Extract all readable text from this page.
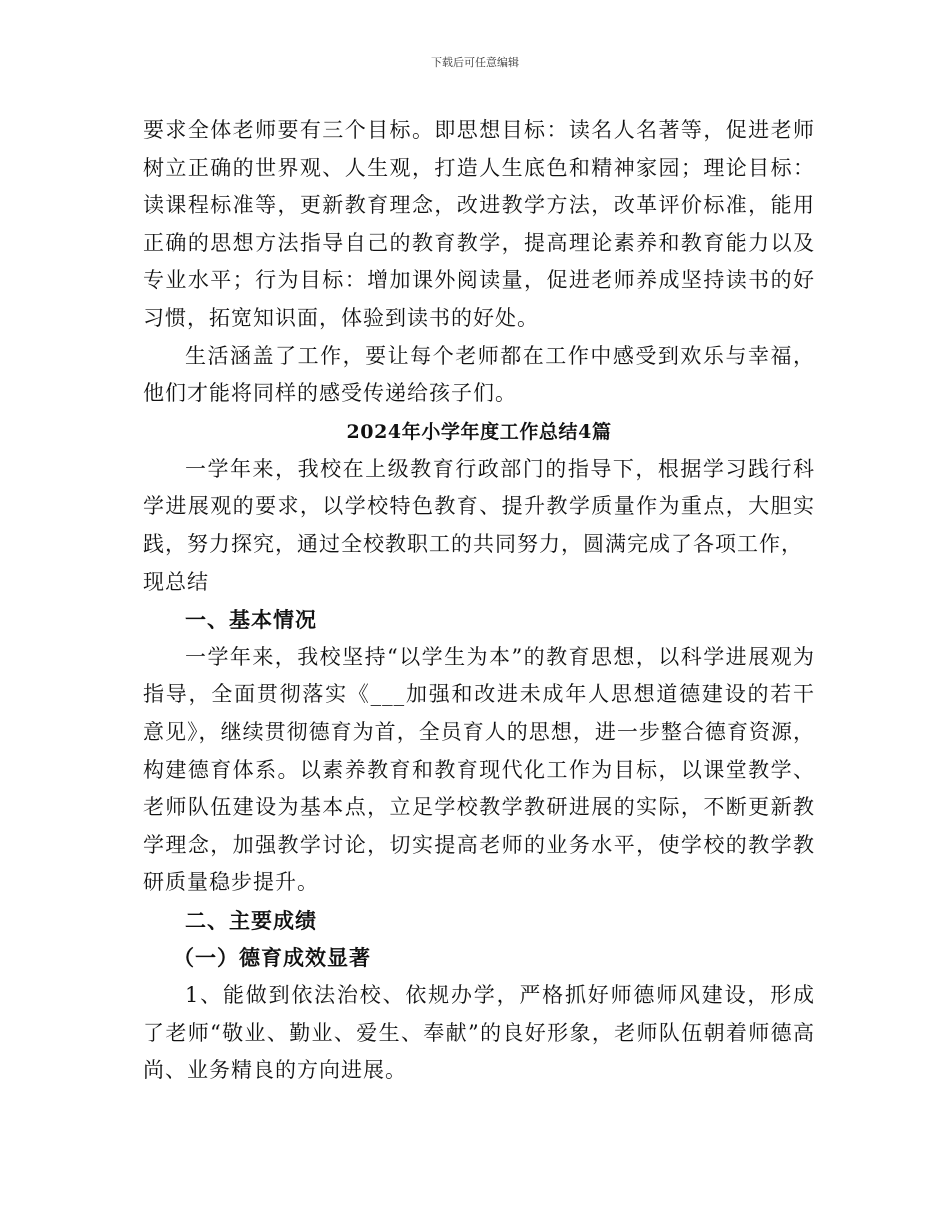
下载后可任意编辑

要求全体老师要有三个目标。即思想目标：读名人名著等，促进老师树立正确的世界观、人生观，打造人生底色和精神家园；理论目标：读课程标准等，更新教育理念，改进教学方法，改革评价标准，能用正确的思想方法指导自己的教育教学，提高理论素养和教育能力以及专业水平；行为目标：增加课外阅读量，促进老师养成坚持读书的好习惯，拓宽知识面，体验到读书的好处。

生活涵盖了工作，要让每个老师都在工作中感受到欢乐与幸福，他们才能将同样的感受传递给孩子们。

2024年小学年度工作总结4篇

一学年来，我校在上级教育行政部门的指导下，根据学习践行科学进展观的要求，以学校特色教育、提升教学质量作为重点，大胆实践，努力探究，通过全校教职工的共同努力，圆满完成了各项工作，

现总结

一、基本情况

一学年来，我校坚持“以学生为本”的教育思想，以科学进展观为指导，全面贯彻落实《___加强和改进未成年人思想道德建设的若干意见》，继续贯彻德育为首，全员育人的思想，进一步整合德育资源，构建德育体系。以素养教育和教育现代化工作为目标，以课堂教学、老师队伍建设为基本点，立足学校教学教研进展的实际，不断更新教学理念，加强教学讨论，切实提高老师的业务水平，使学校的教学教研质量稳步提升。

二、主要成绩

（一）德育成效显著

1、能做到依法治校、依规办学，严格抓好师德师风建设，形成了老师“敬业、勤业、爱生、奉献”的良好形象，老师队伍朝着师德高尚、业务精良的方向进展。
